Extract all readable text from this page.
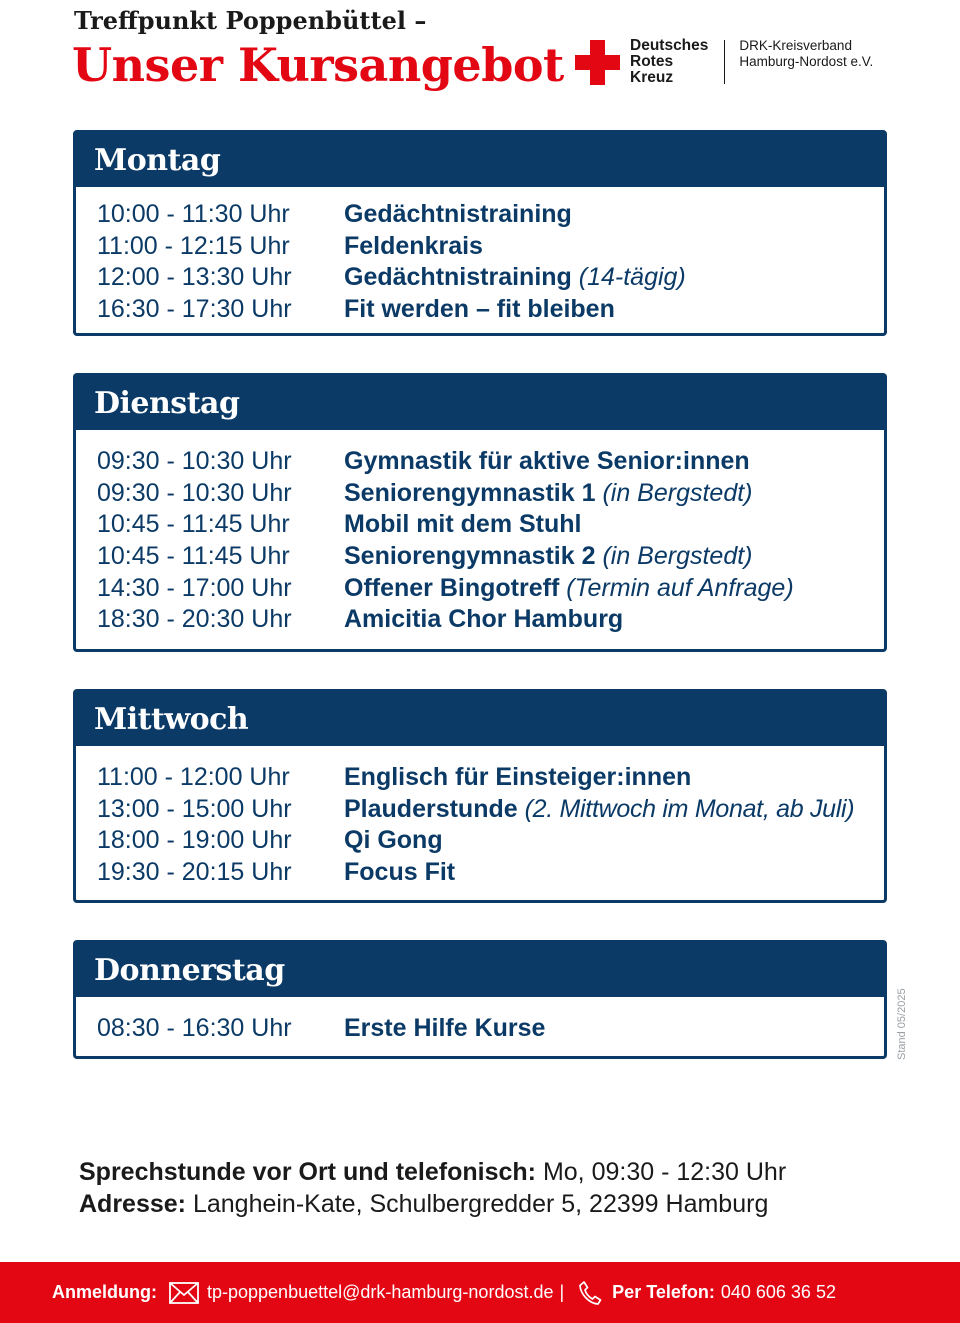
Treffpunkt Poppenbüttel –
Unser Kursangebot	Deutsches
Rotes
Kreuz
DRK-Kreisverband
Hamburg-Nordost e.V.
Montag
10:00 - 11:30 Uhr	Gedächtnistraining
11:00 - 12:15 Uhr	Feldenkrais
12:00 - 13:30 Uhr	Gedächtnistraining
(14-tägig)
16:30 - 17:30 Uhr	Fit werden – fit bleiben
Dienstag
09:30 - 10:30 Uhr	Gymnastik für aktive Senior:innen
09:30 - 10:30 Uhr	Seniorengymnastik 1
(in Bergstedt)
10:45 - 11:45 Uhr	Mobil mit dem Stuhl
10:45 - 11:45 Uhr	Seniorengymnastik 2
(in Bergstedt)
14:30 - 17:00 Uhr	Offener Bingotreff
(Termin auf Anfrage)
18:30 - 20:30 Uhr	Amicitia Chor Hamburg
Mittwoch
11:00 - 12:00 Uhr	Englisch für Einsteiger:innen
13:00 - 15:00 Uhr	Plauderstunde
(2. Mittwoch im Monat, ab Juli)
18:00 - 19:00 Uhr	Qi Gong
19:30 - 20:15 Uhr	Focus Fit
Donnerstag
08:30 - 16:30 Uhr	Erste Hilfe Kurse	Stand 05/2025
Sprechstunde vor Ort und telefonisch: Mo, 09:30 - 12:30 Uhr
Adresse: Langhein-Kate, Schulbergredder 5, 22399 Hamburg
Anmeldung:	tp-poppenbuettel@drk-hamburg-nordost.de |	Per Telefon: 040 606 36 52
